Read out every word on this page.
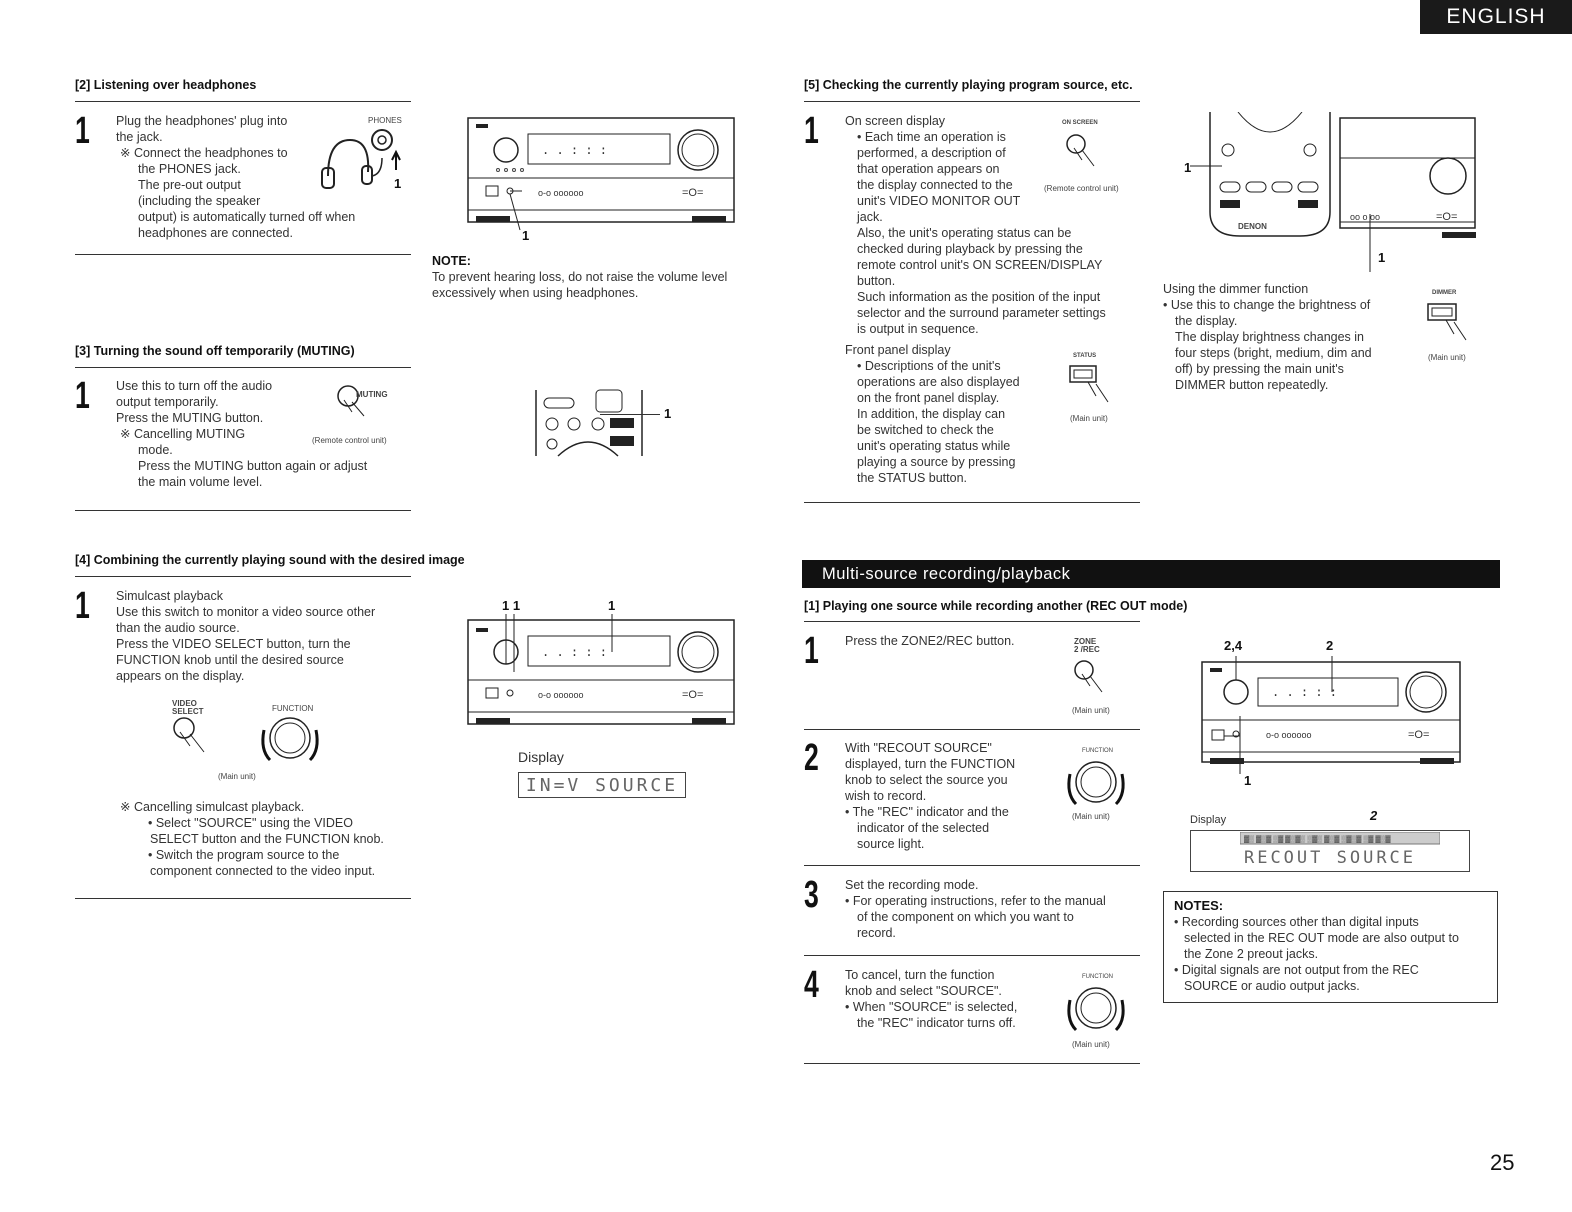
ENGLISH
[2] Listening over headphones
1 Plug the headphones' plug into

the jack.

※ Connect the headphones to

the PHONES jack.

The pre-out output

(including the speaker

output) is automatically turned off when

headphones are connected.

PHONES
1
. . : : :
o-o oooooo	=O=
1
NOTE:

To prevent hearing loss, do not raise the volume level

excessively when using headphones.

[3] Turning the sound off temporarily (MUTING)
1 Use this to turn off the audio

output temporarily.

Press the MUTING button.

※ Cancelling MUTING

mode.

Press the MUTING button again or adjust

the main volume level.

MUTING
(Remote control unit)
1
[4] Combining the currently playing sound with the desired image
1 Simulcast playback

Use this switch to monitor a video source other

than the audio source.

Press the VIDEO SELECT button, turn the

FUNCTION knob until the desired source

appears on the display.

VIDEO SELECT	FUNCTION
(Main unit)

※ Cancelling simulcast playback.

• Select "SOURCE" using the VIDEO

SELECT button and the FUNCTION knob.

• Switch the program source to the

component connected to the video input.

1 1	1
. . : : :
o-o oooooo	=O=
Display
IN=V SOURCE
[5] Checking the currently playing program source, etc.
1 On screen display

• Each time an operation is

performed, a description of

that operation appears on

the display connected to the

unit's VIDEO MONITOR OUT

jack.

Also, the unit's operating status can be

checked during playback by pressing the

remote control unit's ON SCREEN/DISPLAY

button.

Such information as the position of the input

selector and the surround parameter settings

is output in sequence.

Front panel display

• Descriptions of the unit's

operations are also displayed

on the front panel display.

In addition, the display can

be switched to check the

unit's operating status while

playing a source by pressing

the STATUS button.

ON SCREEN
(Remote control unit)
STATUS
(Main unit)
oo o oo	=O=
DENON
1
1

Using the dimmer function

• Use this to change the brightness of

the display.

The display brightness changes in

four steps (bright, medium, dim and

off) by pressing the main unit's

DIMMER button repeatedly.

DIMMER
(Main unit)
Multi-source recording/playback
[1] Playing one source while recording another (REC OUT mode)
1 Press the ZONE2/REC button.	ZONE 2 /REC
(Main unit)
2 With "RECOUT SOURCE"

displayed, turn the FUNCTION

knob to select the source you

wish to record.

• The "REC" indicator and the

indicator of the selected

source light.

FUNCTION
(Main unit)
3 Set the recording mode.

• For operating instructions, refer to the manual

of the component on which you want to

record.

4 To cancel, turn the function

knob and select "SOURCE".

• When "SOURCE" is selected,

the "REC" indicator turns off.

FUNCTION
(Main unit)
2,4	2
. . : : :
o-o oooooo	=O=
1
Display	2
▓▒ ▓▒▓ ▒▓ ▓▒▓▒ ▒▓▒ ▓▒▓ ▒▓▒▓ ▒▓ ▓▒▓
RECOUT SOURCE
NOTES:
• Recording sources other than digital inputs
selected in the REC OUT mode are also output to
the Zone 2 preout jacks.
• Digital signals are not output from the REC
SOURCE or audio output jacks.
25
